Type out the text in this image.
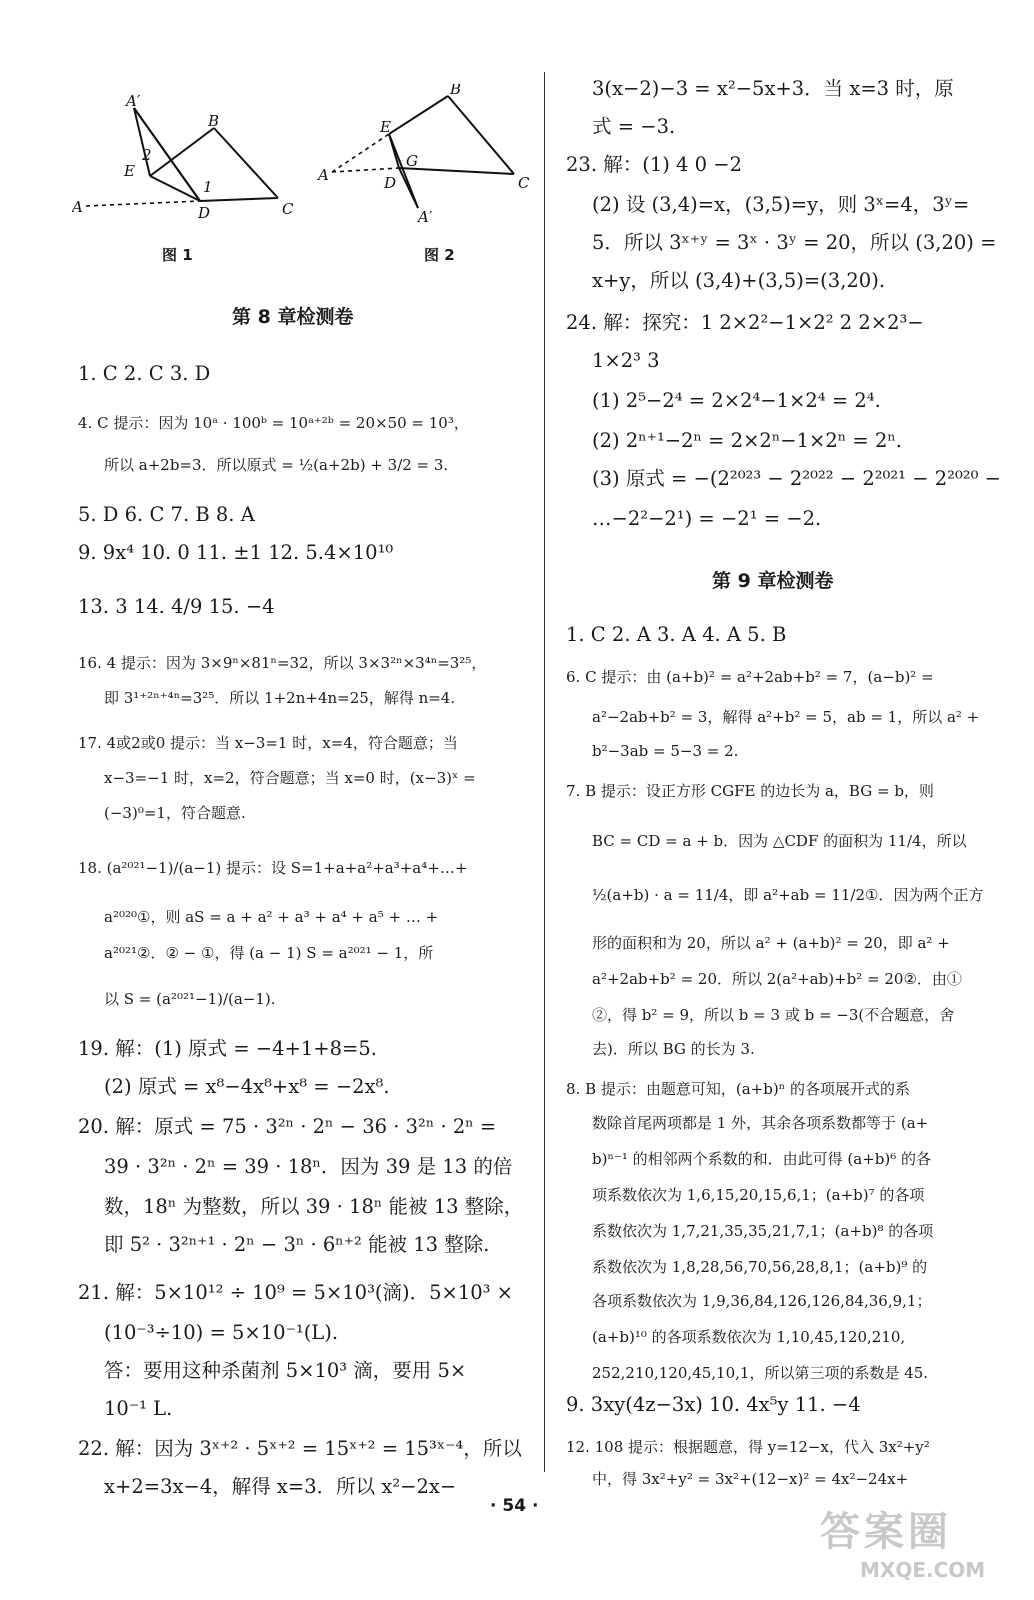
A′
B
2
E
1
A	D	C
图 1
B
E
G
A	D	C
A′
图 2
第 8 章检测卷
1. C 2. C 3. D
4. C 提示：因为 10ᵃ · 100ᵇ = 10ᵃ⁺²ᵇ = 20×50 = 10³，
所以 a+2b=3．所以原式 = ½(a+2b) + 3/2 = 3.
5. D 6. C 7. B 8. A
9. 9x⁴ 10. 0 11. ±1 12. 5.4×10¹⁰
13. 3 14. 4/9 15. −4
16. 4 提示：因为 3×9ⁿ×81ⁿ=32，所以 3×3²ⁿ×3⁴ⁿ=3²⁵，
即 3¹⁺²ⁿ⁺⁴ⁿ=3²⁵．所以 1+2n+4n=25，解得 n=4.
17. 4或2或0 提示：当 x−3=1 时，x=4，符合题意；当
x−3=−1 时，x=2，符合题意；当 x=0 时，(x−3)ˣ =
(−3)⁰=1，符合题意.
18. (a²⁰²¹−1)/(a−1) 提示：设 S=1+a+a²+a³+a⁴+…+
a²⁰²⁰①，则 aS = a + a² + a³ + a⁴ + a⁵ + … +
a²⁰²¹②．② − ①，得 (a − 1) S = a²⁰²¹ − 1，所
以 S = (a²⁰²¹−1)/(a−1).
19. 解：(1) 原式 = −4+1+8=5.
(2) 原式 = x⁸−4x⁸+x⁸ = −2x⁸.
20. 解：原式 = 75 · 3²ⁿ · 2ⁿ − 36 · 3²ⁿ · 2ⁿ =
39 · 3²ⁿ · 2ⁿ = 39 · 18ⁿ．因为 39 是 13 的倍
数，18ⁿ 为整数，所以 39 · 18ⁿ 能被 13 整除，
即 5² · 3²ⁿ⁺¹ · 2ⁿ − 3ⁿ · 6ⁿ⁺² 能被 13 整除.
21. 解：5×10¹² ÷ 10⁹ = 5×10³(滴)．5×10³ ×
(10⁻³÷10) = 5×10⁻¹(L).
答：要用这种杀菌剂 5×10³ 滴，要用 5×
10⁻¹ L.
22. 解：因为 3ˣ⁺² · 5ˣ⁺² = 15ˣ⁺² = 15³ˣ⁻⁴，所以
x+2=3x−4，解得 x=3．所以 x²−2x−
3(x−2)−3 = x²−5x+3．当 x=3 时，原
式 = −3.
23. 解：(1) 4 0 −2
(2) 设 (3,4)=x，(3,5)=y，则 3ˣ=4，3ʸ=
5．所以 3ˣ⁺ʸ = 3ˣ · 3ʸ = 20，所以 (3,20) =
x+y，所以 (3,4)+(3,5)=(3,20).
24. 解：探究：1 2×2²−1×2² 2 2×2³−
1×2³ 3
(1) 2⁵−2⁴ = 2×2⁴−1×2⁴ = 2⁴.
(2) 2ⁿ⁺¹−2ⁿ = 2×2ⁿ−1×2ⁿ = 2ⁿ.
(3) 原式 = −(2²⁰²³ − 2²⁰²² − 2²⁰²¹ − 2²⁰²⁰ −
…−2²−2¹) = −2¹ = −2.
第 9 章检测卷
1. C 2. A 3. A 4. A 5. B
6. C 提示：由 (a+b)² = a²+2ab+b² = 7，(a−b)² =
a²−2ab+b² = 3，解得 a²+b² = 5，ab = 1，所以 a² +
b²−3ab = 5−3 = 2.
7. B 提示：设正方形 CGFE 的边长为 a，BG = b，则
BC = CD = a + b．因为 △CDF 的面积为 11/4，所以
½(a+b) · a = 11/4，即 a²+ab = 11/2①．因为两个正方
形的面积和为 20，所以 a² + (a+b)² = 20，即 a² +
a²+2ab+b² = 20．所以 2(a²+ab)+b² = 20②．由①
②，得 b² = 9，所以 b = 3 或 b = −3(不合题意，舍
去)．所以 BG 的长为 3.
8. B 提示：由题意可知，(a+b)ⁿ 的各项展开式的系
数除首尾两项都是 1 外，其余各项系数都等于 (a+
b)ⁿ⁻¹ 的相邻两个系数的和．由此可得 (a+b)⁶ 的各
项系数依次为 1,6,15,20,15,6,1；(a+b)⁷ 的各项
系数依次为 1,7,21,35,35,21,7,1；(a+b)⁸ 的各项
系数依次为 1,8,28,56,70,56,28,8,1；(a+b)⁹ 的
各项系数依次为 1,9,36,84,126,126,84,36,9,1；
(a+b)¹⁰ 的各项系数依次为 1,10,45,120,210,
252,210,120,45,10,1，所以第三项的系数是 45.
9. 3xy(4z−3x) 10. 4x⁵y 11. −4
12. 108 提示：根据题意，得 y=12−x，代入 3x²+y²
中，得 3x²+y² = 3x²+(12−x)² = 4x²−24x+
· 54 ·
答案圈
MXQE.COM
